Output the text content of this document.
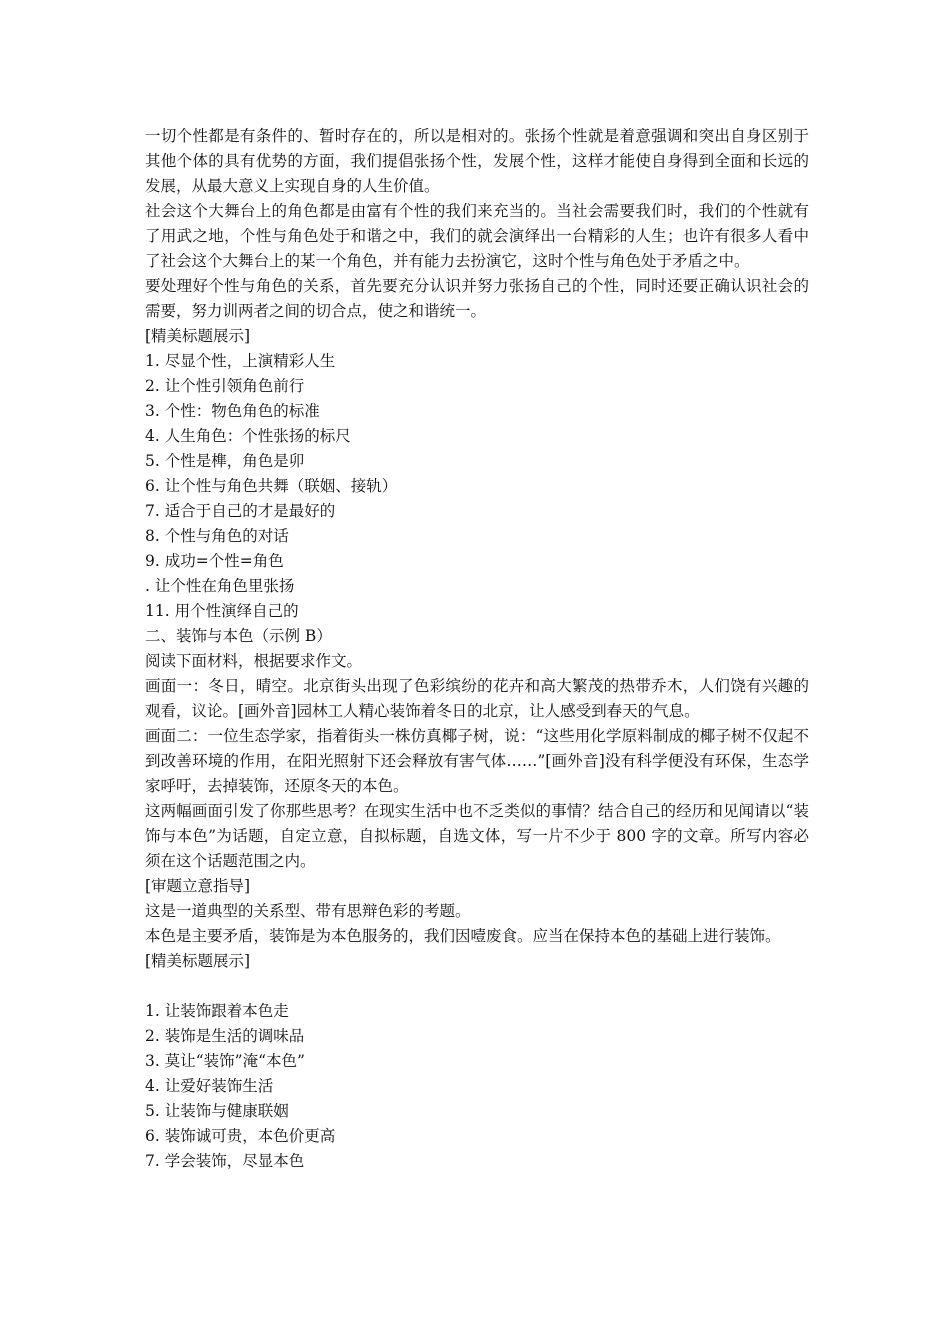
一切个性都是有条件的、暂时存在的，所以是相对的。张扬个性就是着意强调和突出自身区别于其他个体的具有优势的方面，我们提倡张扬个性，发展个性，这样才能使自身得到全面和长远的发展，从最大意义上实现自身的人生价值。

社会这个大舞台上的角色都是由富有个性的我们来充当的。当社会需要我们时，我们的个性就有了用武之地，个性与角色处于和谐之中，我们的就会演绎出一台精彩的人生；也许有很多人看中了社会这个大舞台上的某一个角色，并有能力去扮演它，这时个性与角色处于矛盾之中。

要处理好个性与角色的关系，首先要充分认识并努力张扬自己的个性，同时还要正确认识社会的需要，努力训两者之间的切合点，使之和谐统一。

[精美标题展示]

1. 尽显个性，上演精彩人生

2. 让个性引领角色前行

3. 个性：物色角色的标准

4. 人生角色：个性张扬的标尺

5. 个性是榫，角色是卯

6. 让个性与角色共舞（联姻、接轨）

7. 适合于自己的才是最好的

8. 个性与角色的对话

9. 成功=个性=角色

. 让个性在角色里张扬

11. 用个性演绎自己的

二、装饰与本色（示例 B）

阅读下面材料，根据要求作文。

画面一：冬日，晴空。北京街头出现了色彩缤纷的花卉和高大繁茂的热带乔木，人们饶有兴趣的观看，议论。[画外音]园林工人精心装饰着冬日的北京，让人感受到春天的气息。

画面二：一位生态学家，指着街头一株仿真椰子树，说：“这些用化学原料制成的椰子树不仅起不到改善环境的作用，在阳光照射下还会释放有害气体……”[画外音]没有科学便没有环保，生态学家呼吁，去掉装饰，还原冬天的本色。

这两幅画面引发了你那些思考？在现实生活中也不乏类似的事情？结合自己的经历和见闻请以“装饰与本色”为话题，自定立意，自拟标题，自选文体，写一片不少于 800 字的文章。所写内容必须在这个话题范围之内。

[审题立意指导]

这是一道典型的关系型、带有思辩色彩的考题。

本色是主要矛盾，装饰是为本色服务的，我们因噎废食。应当在保持本色的基础上进行装饰。

[精美标题展示]

1. 让装饰跟着本色走

2. 装饰是生活的调味品

3. 莫让“装饰”淹“本色”

4. 让爱好装饰生活

5. 让装饰与健康联姻

6. 装饰诚可贵，本色价更高

7. 学会装饰，尽显本色
